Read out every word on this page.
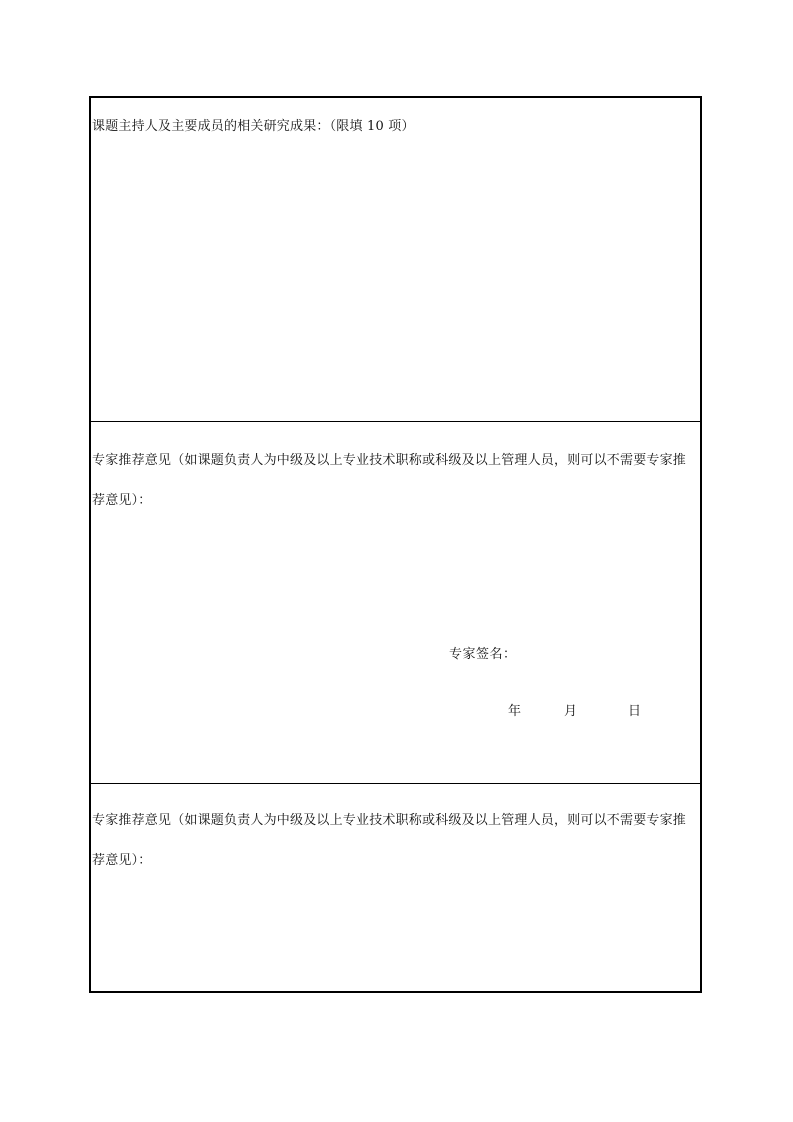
课题主持人及主要成员的相关研究成果：（限填 10 项）
专家推荐意见（如课题负责人为中级及以上专业技术职称或科级及以上管理人员，则可以不需要专家推荐意见）：
专家签名：
年	月	日
专家推荐意见（如课题负责人为中级及以上专业技术职称或科级及以上管理人员，则可以不需要专家推荐意见）：
